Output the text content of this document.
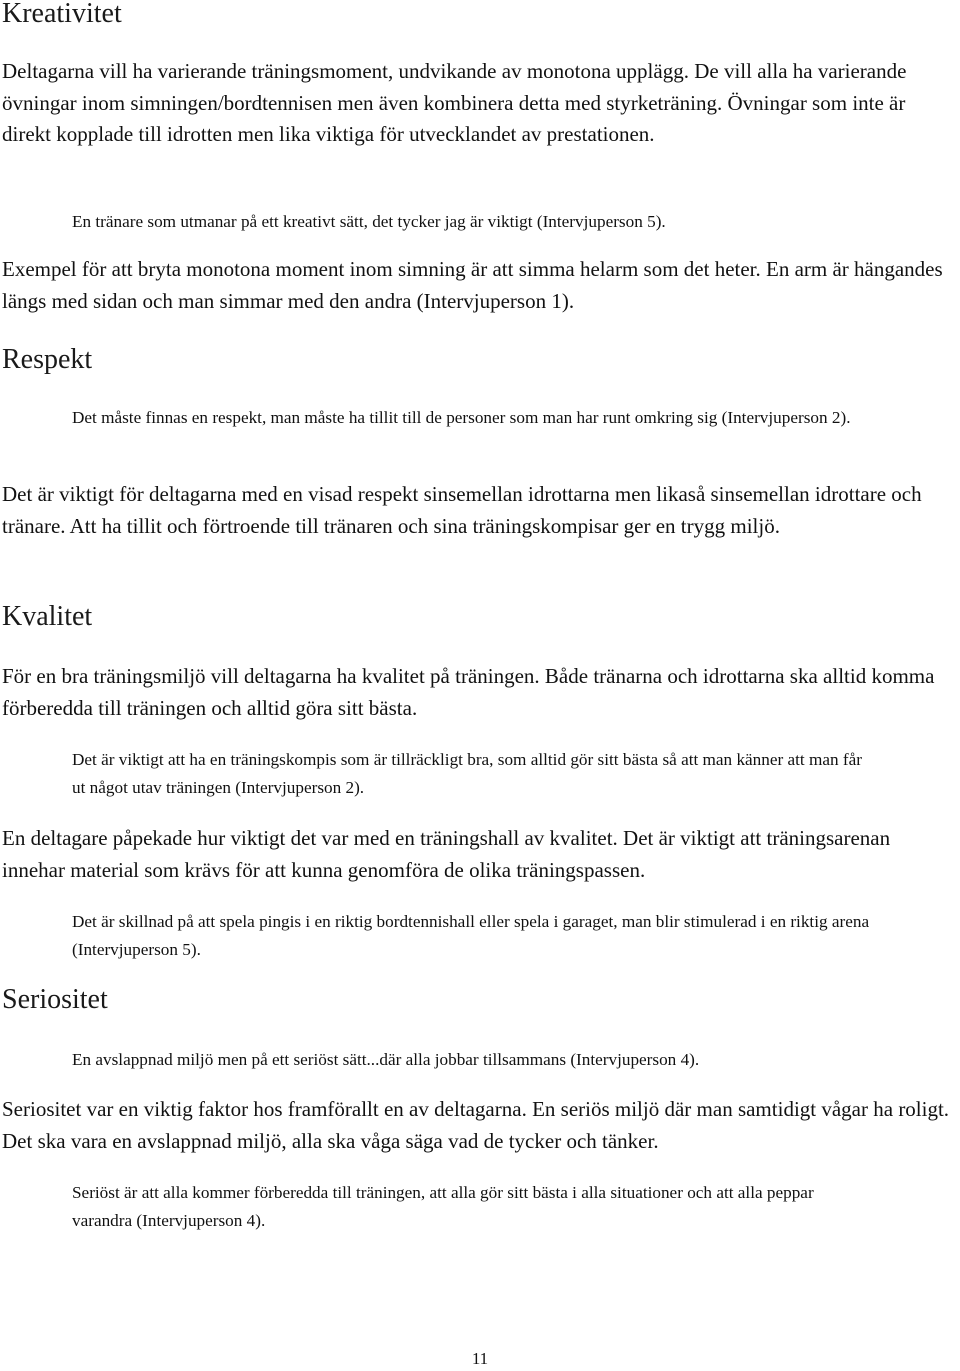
Kreativitet

Deltagarna vill ha varierande träningsmoment, undvikande av monotona upplägg. De vill alla ha varierande övningar inom simningen/bordtennisen men även kombinera detta med styrketräning. Övningar som inte är direkt kopplade till idrotten men lika viktiga för utvecklandet av prestationen.

En tränare som utmanar på ett kreativt sätt, det tycker jag är viktigt (Intervjuperson 5).

Exempel för att bryta monotona moment inom simning är att simma helarm som det heter. En arm är hängandes längs med sidan och man simmar med den andra (Intervjuperson 1).

Respekt

Det måste finnas en respekt, man måste ha tillit till de personer som man har runt omkring sig (Intervjuperson 2).

Det är viktigt för deltagarna med en visad respekt sinsemellan idrottarna men likaså sinsemellan idrottare och tränare. Att ha tillit och förtroende till tränaren och sina träningskompisar ger en trygg miljö.

Kvalitet

För en bra träningsmiljö vill deltagarna ha kvalitet på träningen. Både tränarna och idrottarna ska alltid komma förberedda till träningen och alltid göra sitt bästa.

Det är viktigt att ha en träningskompis som är tillräckligt bra, som alltid gör sitt bästa så att man känner att man får ut något utav träningen (Intervjuperson 2).

En deltagare påpekade hur viktigt det var med en träningshall av kvalitet. Det är viktigt att träningsarenan innehar material som krävs för att kunna genomföra de olika träningspassen.

Det är skillnad på att spela pingis i en riktig bordtennishall eller spela i garaget, man blir stimulerad i en riktig arena (Intervjuperson 5).

Seriositet

En avslappnad miljö men på ett seriöst sätt...där alla jobbar tillsammans (Intervjuperson 4).

Seriositet var en viktig faktor hos framförallt en av deltagarna. En seriös miljö där man samtidigt vågar ha roligt. Det ska vara en avslappnad miljö, alla ska våga säga vad de tycker och tänker.

Seriöst är att alla kommer förberedda till träningen, att alla gör sitt bästa i alla situationer och att alla peppar varandra (Intervjuperson 4).

11
